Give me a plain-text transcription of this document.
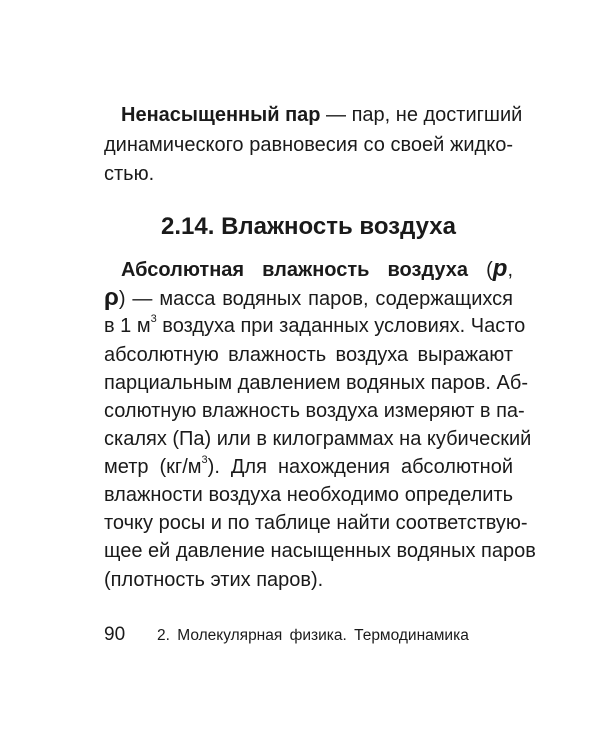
Ненасыщенный пар — пар, не достигший
динамического равновесия со своей жидко-
стью.
2.14. Влажность воздуха
Абсолютная влажность воздуха (p,
ρ) — масса водяных паров, содержащихся
в 1 $м^3$ воздуха при заданных условиях. Часто
абсолютную влажность воздуха выражают
парциальным давлением водяных паров. Аб-
солютную влажность воздуха измеряют в па-
скалях (Па) или в килограммах на кубический
метр $(кг/м^3)$. Для нахождения абсолютной
влажности воздуха необходимо определить
точку росы и по таблице найти соответствую-
щее ей давление насыщенных водяных паров
(плотность этих паров).
90 2. Молекулярная физика. Термодинамика
